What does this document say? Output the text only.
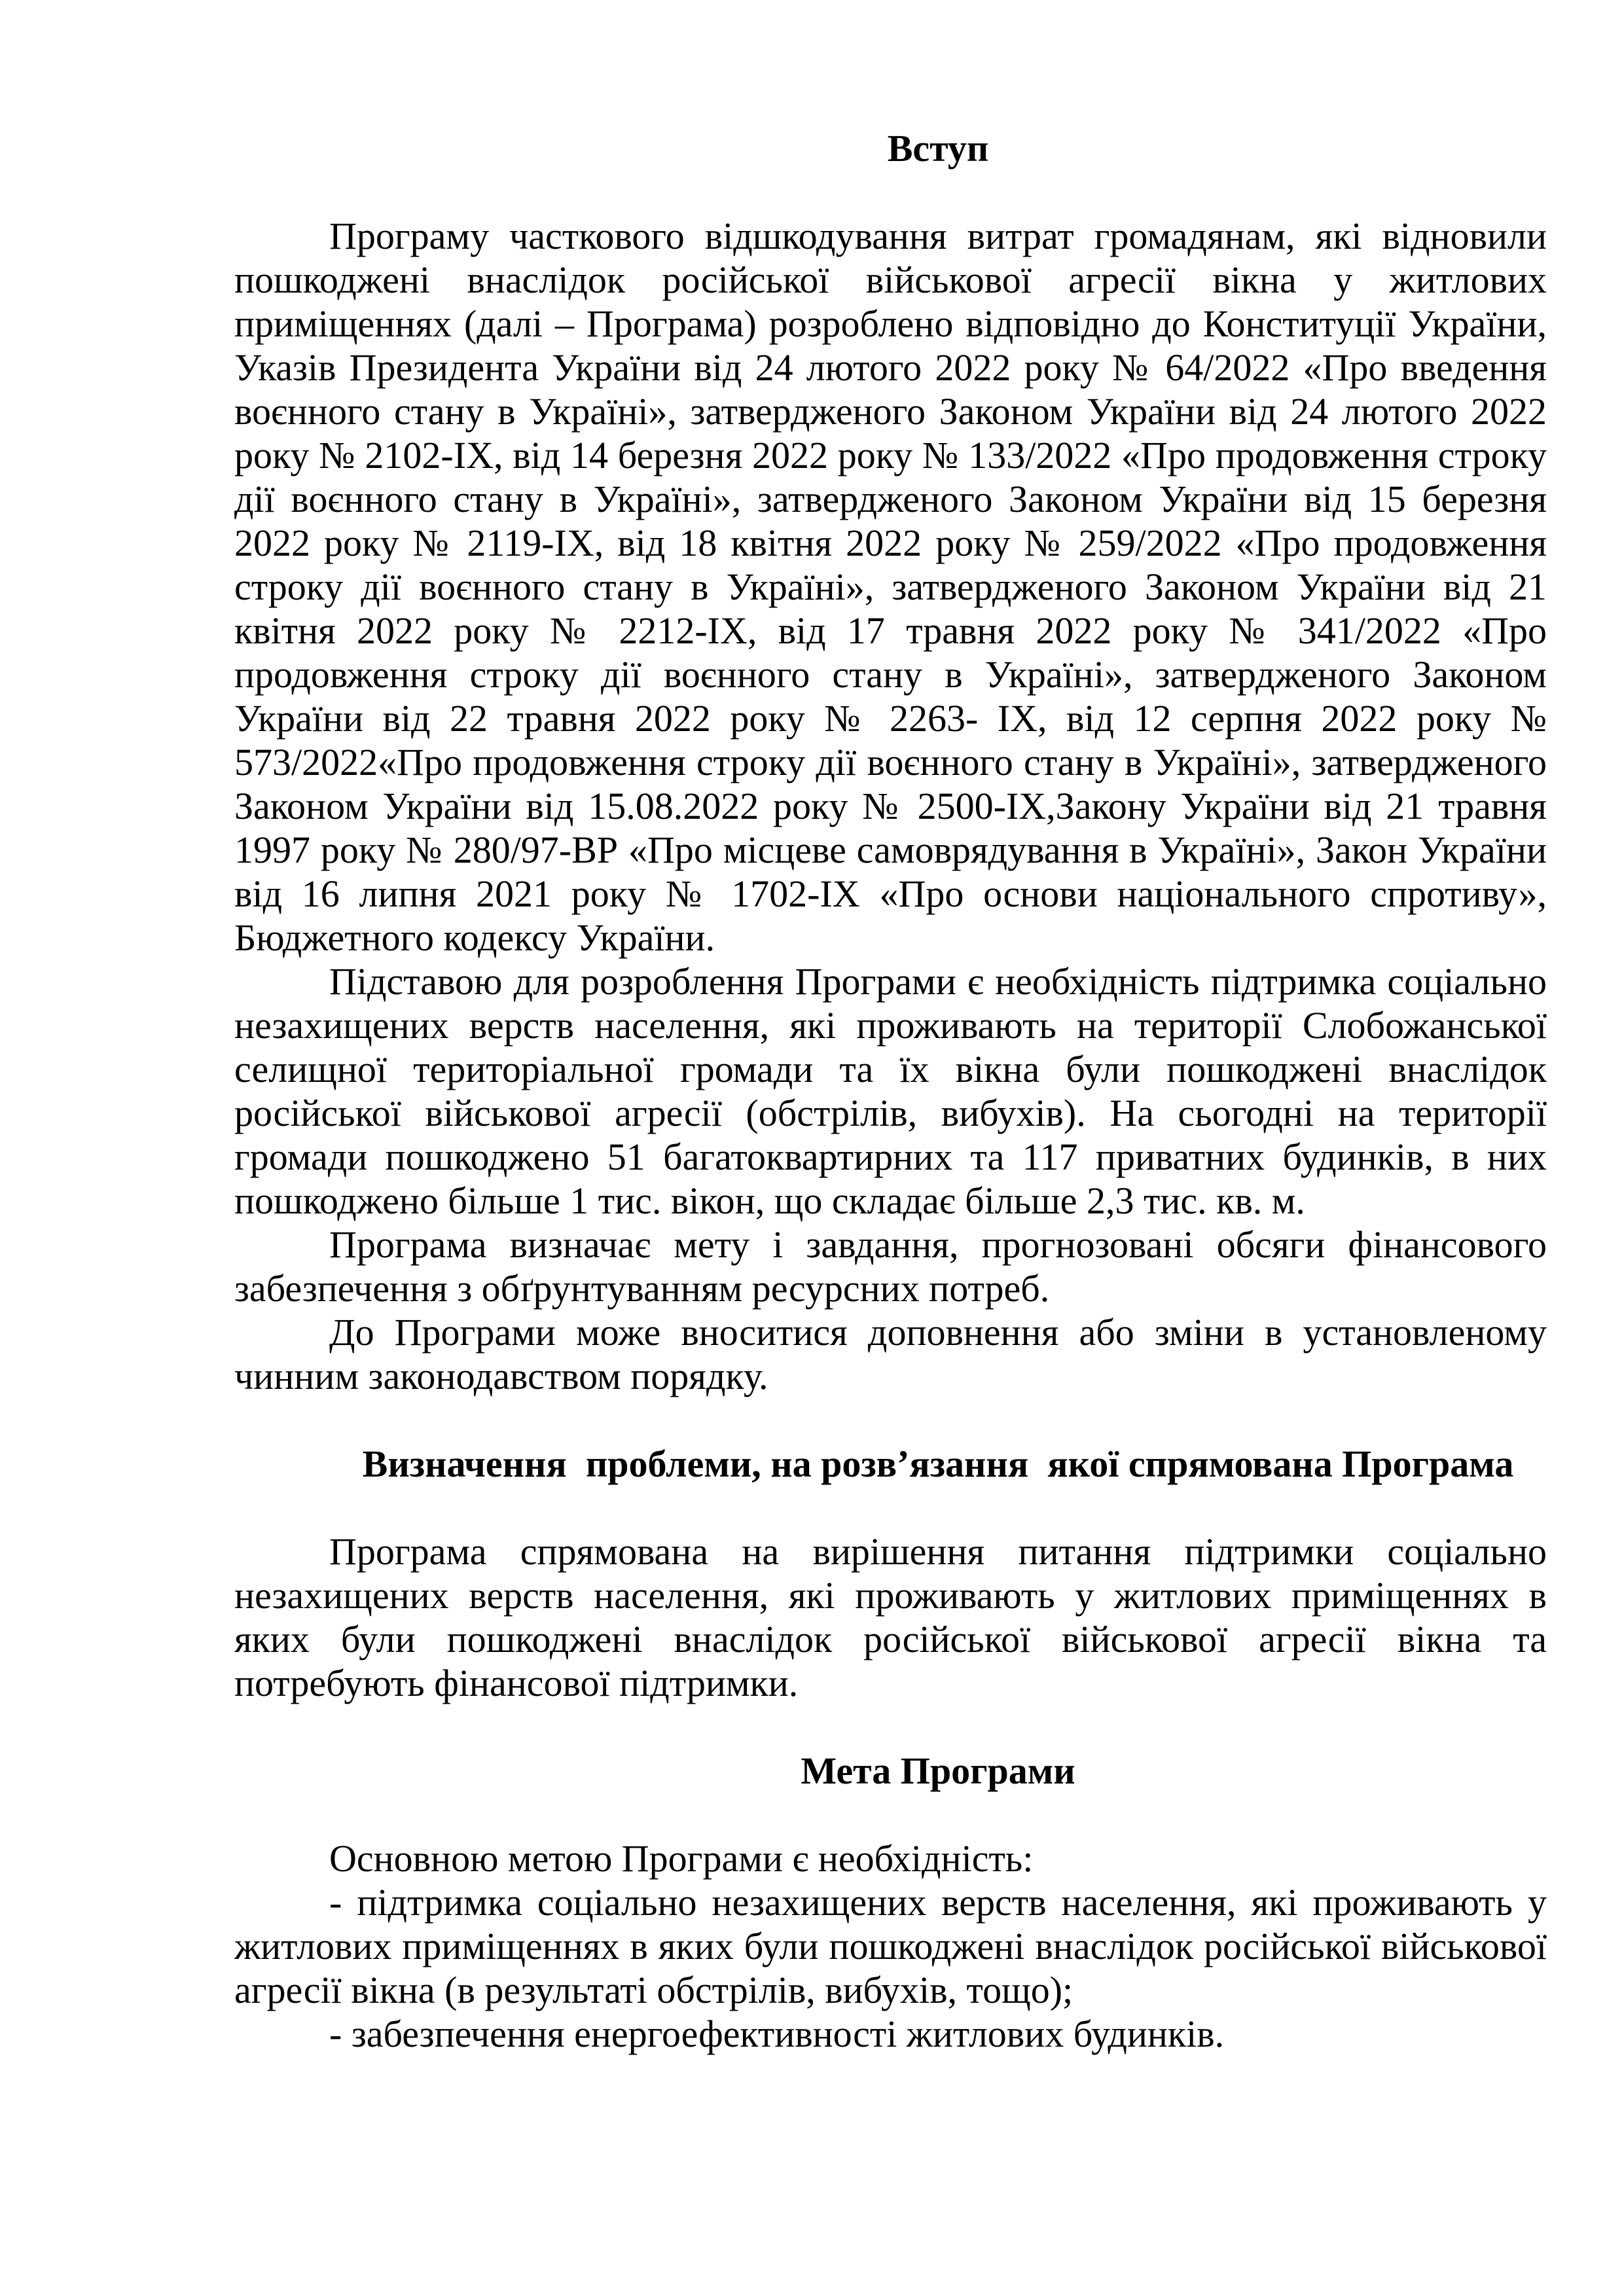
Вступ

Програму часткового відшкодування витрат громадянам, які відновили пошкоджені внаслідок російської військової агресії вікна у житлових приміщеннях (далі – Програма) розроблено відповідно до Конституції України, Указів Президента України від 24 лютого 2022 року № 64/2022 «Про введення воєнного стану в Україні», затвердженого Законом України від 24 лютого 2022 року № 2102-IX, від 14 березня 2022 року № 133/2022 «Про продовження строку дії воєнного стану в Україні», затвердженого Законом України від 15 березня 2022 року № 2119-IX, від 18 квітня 2022 року № 259/2022 «Про продовження строку дії воєнного стану в Україні», затвердженого Законом України від 21 квітня 2022 року № 2212-IX, від 17 травня 2022 року № 341/2022 «Про продовження строку дії воєнного стану в Україні», затвердженого Законом України від 22 травня 2022 року № 2263- IX, від 12 серпня 2022 року № 573/2022«Про продовження строку дії воєнного стану в Україні», затвердженого Законом України від 15.08.2022 року № 2500-IX,Закону України від 21 травня 1997 року № 280/97-ВР «Про місцеве самоврядування в Україні», Закон України від 16 липня 2021 року № 1702-IX «Про основи національного спротиву», Бюджетного кодексу України.

Підставою для розроблення Програми є необхідність підтримка соціально незахищених верств населення, які проживають на території Слобожанської селищної територіальної громади та їх вікна були пошкоджені внаслідок російської військової агресії (обстрілів, вибухів). На сьогодні на території громади пошкоджено 51 багатоквартирних та 117 приватних будинків, в них пошкоджено більше 1 тис. вікон, що складає більше 2,3 тис. кв. м.

Програма визначає мету і завдання, прогнозовані обсяги фінансового забезпечення з обґрунтуванням ресурсних потреб.

До Програми може вноситися доповнення або зміни в установленому чинним законодавством порядку.

Визначення  проблеми, на розв’язання  якої спрямована Програма

Програма спрямована на вирішення питання підтримки соціально незахищених верств населення, які проживають у житлових приміщеннях в яких були пошкоджені внаслідок російської військової агресії вікна та потребують фінансової підтримки.

Мета Програми

Основною метою Програми є необхідність:

- підтримка соціально незахищених верств населення, які проживають у житлових приміщеннях в яких були пошкоджені внаслідок російської військової агресії вікна (в результаті обстрілів, вибухів, тощо);

- забезпечення енергоефективності житлових будинків.
